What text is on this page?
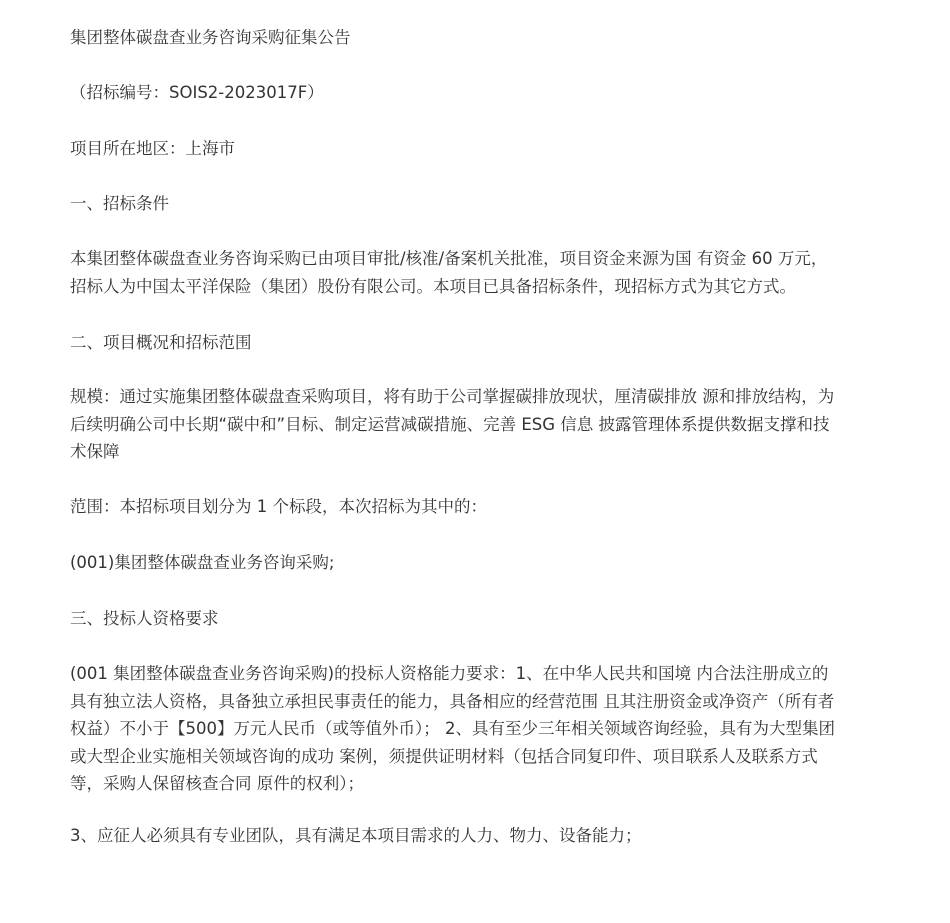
集团整体碳盘查业务咨询采购征集公告

（招标编号：SOIS2-2023017F）

项目所在地区：上海市

一、招标条件

本集团整体碳盘查业务咨询采购已由项目审批/核准/备案机关批准，项目资金来源为国 有资金 60 万元，
招标人为中国太平洋保险（集团）股份有限公司。本项目已具备招标条件，现招标方式为其它方式。

二、项目概况和招标范围

规模：通过实施集团整体碳盘查采购项目，将有助于公司掌握碳排放现状，厘清碳排放 源和排放结构，为
后续明确公司中长期“碳中和”目标、制定运营减碳措施、完善 ESG 信息 披露管理体系提供数据支撑和技
术保障

范围：本招标项目划分为 1 个标段，本次招标为其中的：

(001)集团整体碳盘查业务咨询采购;

三、投标人资格要求

(001 集团整体碳盘查业务咨询采购)的投标人资格能力要求：1、在中华人民共和国境 内合法注册成立的
具有独立法人资格，具备独立承担民事责任的能力，具备相应的经营范围 且其注册资金或净资产（所有者
权益）不小于【500】万元人民币（或等值外币）； 2、具有至少三年相关领域咨询经验，具有为大型集团
或大型企业实施相关领域咨询的成功 案例，须提供证明材料（包括合同复印件、项目联系人及联系方式
等，采购人保留核查合同 原件的权利）；

3、应征人必须具有专业团队，具有满足本项目需求的人力、物力、设备能力；
